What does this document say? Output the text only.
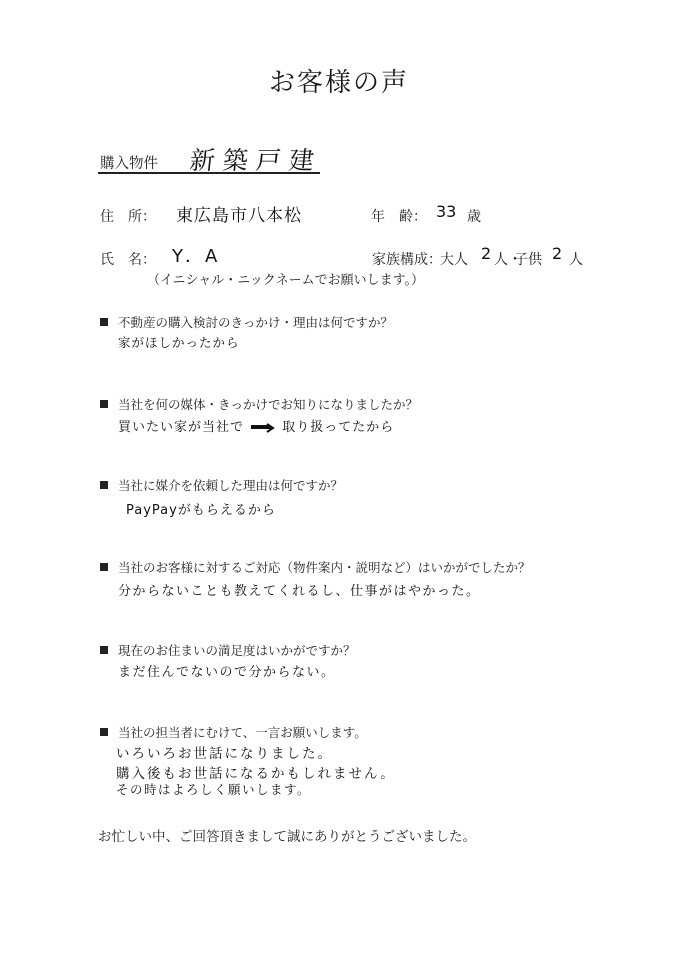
お客様の声
購入物件 新築戸建
住　所： 東広島市八本松	年　齢： 33 歳
氏　名： Y．A
（イニシャル・ニックネームでお願いします。）
家族構成：
大人 2 人・
子供 2 人
不動産の購入検討のきっかけ・理由は何ですか？
家がほしかったから
当社を何の媒体・きっかけでお知りになりましたか？
買いたい家が当社で	取り扱ってたから
当社に媒介を依頼した理由は何ですか？
PayPayがもらえるから
当社のお客様に対するご対応（物件案内・説明など）はいかがでしたか？
分からないことも教えてくれるし、仕事がはやかった。
現在のお住まいの満足度はいかがですか？
まだ住んでないので分からない。
当社の担当者にむけて、一言お願いします。
いろいろお世話になりました。
購入後もお世話になるかもしれません。
その時はよろしく願いします。
お忙しい中、ご回答頂きまして誠にありがとうございました。
